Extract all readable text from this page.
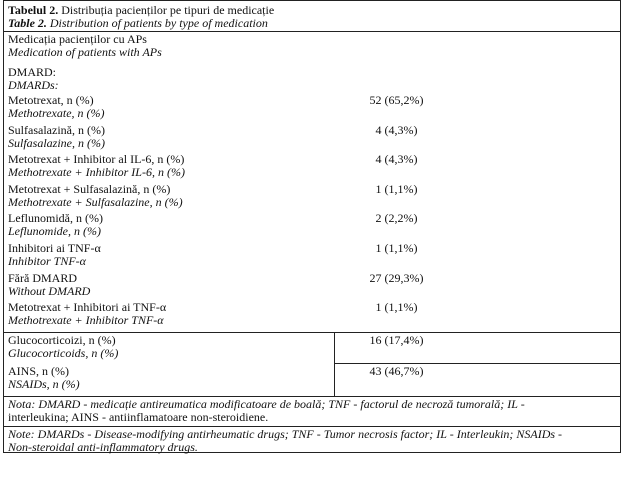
Tabelul 2. Distribuția pacienților pe tipuri de medicație
Table 2. Distribution of patients by type of medication
Medicația pacienților cu APs
Medication of patients with APs
DMARD:
DMARDs:
Metotrexat, n (%)
Methotrexate, n (%)
52 (65,2%)
Sulfasalazină, n (%)
Sulfasalazine, n (%)
4 (4,3%)
Metotrexat + Inhibitor al IL-6, n (%)
Methotrexate + Inhibitor IL-6, n (%)
4 (4,3%)
Metotrexat + Sulfasalazină, n (%)
Methotrexate + Sulfasalazine, n (%)
1 (1,1%)
Leflunomidă, n (%)
Leflunomide, n (%)
2 (2,2%)
Inhibitori ai TNF-α
Inhibitor TNF-α
1 (1,1%)
Fără DMARD
Without DMARD
27 (29,3%)
Metotrexat + Inhibitori ai TNF-α
Methotrexate + Inhibitor TNF-α
1 (1,1%)
Glucocorticoizi, n (%)
Glucocorticoids, n (%)
16 (17,4%)
AINS, n (%)
NSAIDs, n (%)
43 (46,7%)
Nota: DMARD - medicație antireumatica modificatoare de boală; TNF - factorul de necroză tumorală; IL -
interleukina; AINS - antiinflamatoare non-steroidiene.
Note: DMARDs - Disease-modifying antirheumatic drugs; TNF - Tumor necrosis factor; IL - Interleukin; NSAIDs -
Non-steroidal anti-inflammatory drugs.
